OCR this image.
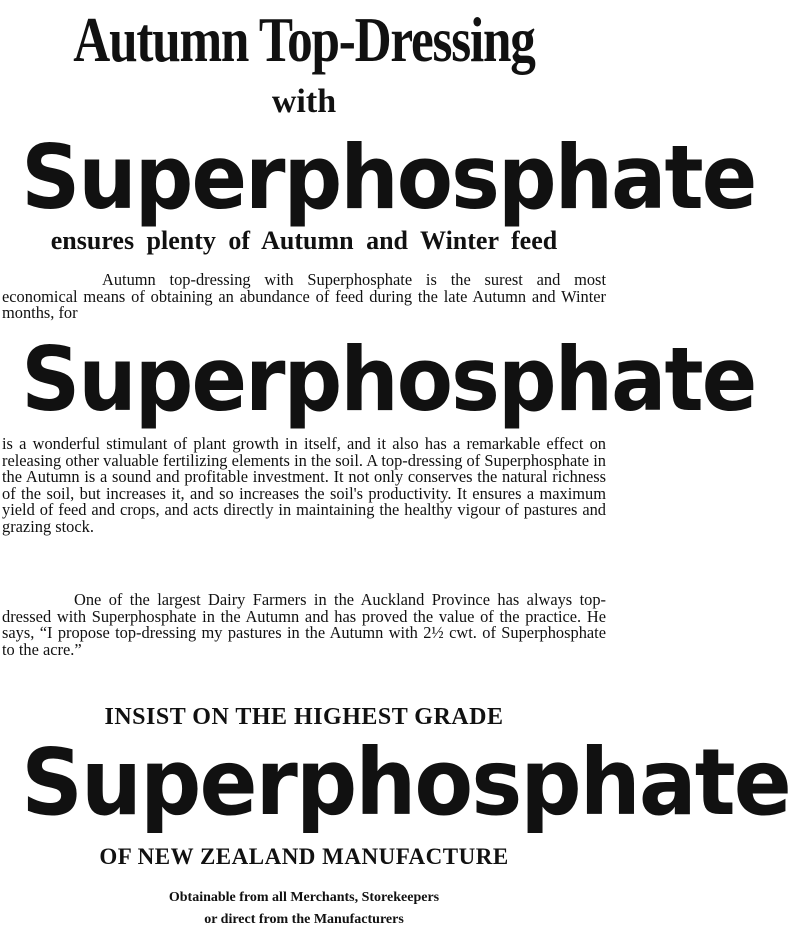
Autumn Top-Dressing
with
Superphosphate
ensures plenty of Autumn and Winter feed
Autumn top-dressing with Superphosphate is the surest and most economical means of obtaining an abundance of feed during the late Autumn and Winter months, for
Superphosphate
is a wonderful stimulant of plant growth in itself, and it also has a remarkable effect on releasing other valuable fertilizing elements in the soil. A top-dressing of Superphosphate in the Autumn is a sound and profitable investment. It not only conserves the natural richness of the soil, but increases it, and so increases the soil's productivity. It ensures a maximum yield of feed and crops, and acts directly in maintaining the healthy vigour of pastures and grazing stock.
One of the largest Dairy Farmers in the Auckland Province has always top-dressed with Superphosphate in the Autumn and has proved the value of the practice. He says, “I propose top-dressing my pastures in the Autumn with 2½ cwt. of Superphosphate to the acre.”
INSIST ON THE HIGHEST GRADE
Superphosphate
OF NEW ZEALAND MANUFACTURE
Obtainable from all Merchants, Storekeepers
or direct from the Manufacturers
